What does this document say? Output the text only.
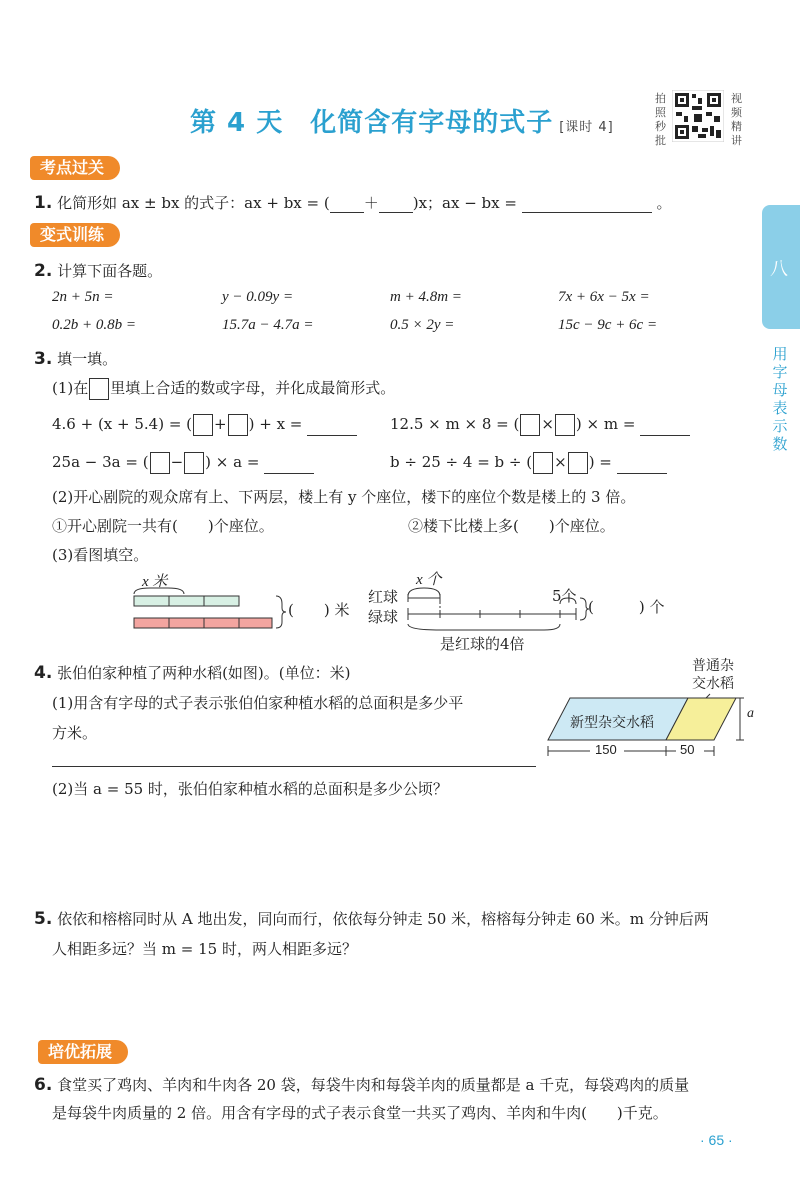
第 4 天　化简含有字母的式子 [课时 4]
拍照秒批
视频精讲
八
用字母表示数
考点过关
1. 化简形如 ax ± bx 的式子：ax + bx = ( ＋ )x；ax − bx =	。
变式训练
2. 计算下面各题。
2n + 5n =	y − 0.09y =	m + 4.8m =	7x + 6x − 5x =
0.2b + 0.8b =	15.7a − 4.7a =	0.5 × 2y =	15c − 9c + 6c =
3. 填一填。
(1)在 里填上合适的数或字母，并化成最简形式。
4.6 + (x + 5.4) = ( + ) + x =	12.5 × m × 8 = ( × ) × m =
25a − 3a = ( − ) × a =	b ÷ 25 ÷ 4 = b ÷ ( × ) =
(2)开心剧院的观众席有上、下两层，楼上有 y 个座位，楼下的座位个数是楼上的 3 倍。
①开心剧院一共有(　　)个座位。	②楼下比楼上多(　　)个座位。
(3)看图填空。
x 米
(　　) 米
x 个
红球
绿球
5个
(　　　) 个
是红球的4倍
4. 张伯伯家种植了两种水稻(如图)。(单位：米)
(1)用含有字母的式子表示张伯伯家种植水稻的总面积是多少平
方米。
(2)当 a = 55 时，张伯伯家种植水稻的总面积是多少公顷？
普通杂
交水稻
新型杂交水稻
a
150	50
5. 依依和榕榕同时从 A 地出发，同向而行，依依每分钟走 50 米，榕榕每分钟走 60 米。m 分钟后两
人相距多远？当 m = 15 时，两人相距多远？
培优拓展
6. 食堂买了鸡肉、羊肉和牛肉各 20 袋，每袋牛肉和每袋羊肉的质量都是 a 千克，每袋鸡肉的质量
是每袋牛肉质量的 2 倍。用含有字母的式子表示食堂一共买了鸡肉、羊肉和牛肉(　　)千克。
· 65 ·
